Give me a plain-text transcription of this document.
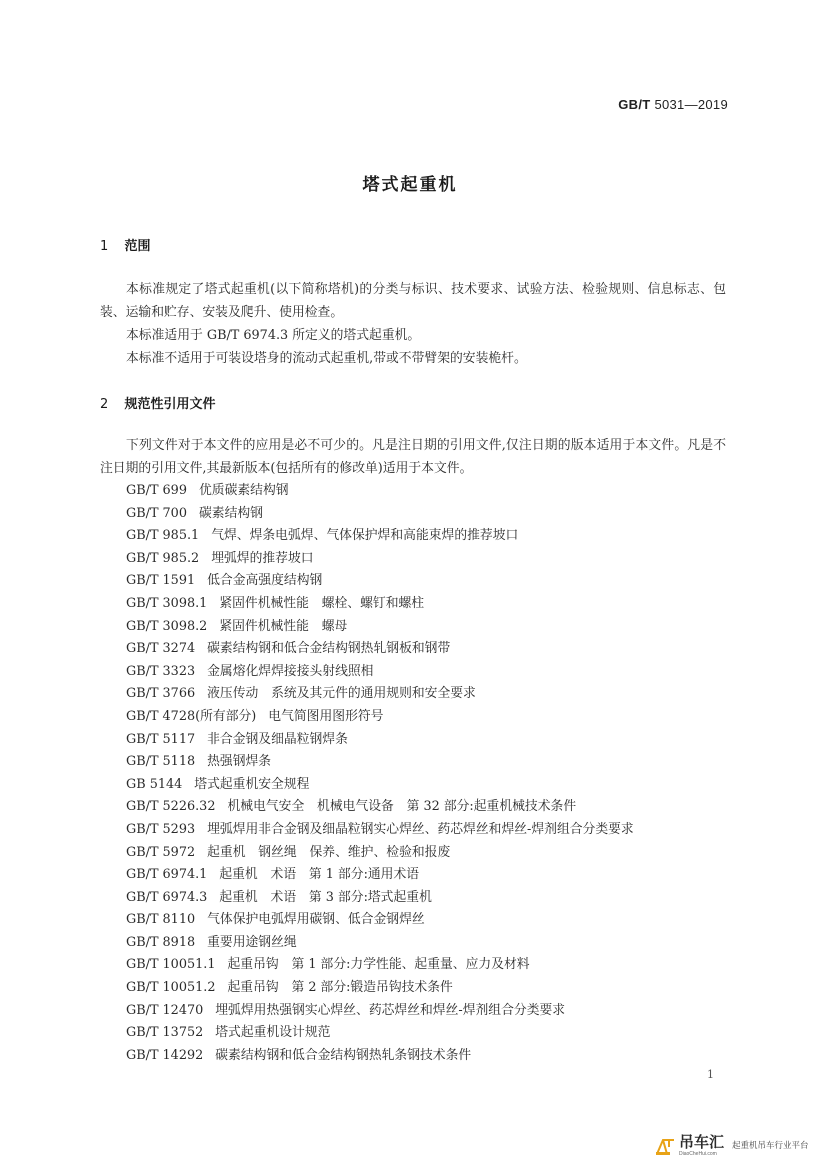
GB/T 5031—2019
塔式起重机
1 范围

本标准规定了塔式起重机(以下简称塔机)的分类与标识、技术要求、试验方法、检验规则、信息标志、包装、运输和贮存、安装及爬升、使用检查。

本标准适用于 GB/T 6974.3 所定义的塔式起重机。

本标准不适用于可装设塔身的流动式起重机,带或不带臂架的安装桅杆。

2 规范性引用文件

下列文件对于本文件的应用是必不可少的。凡是注日期的引用文件,仅注日期的版本适用于本文件。凡是不注日期的引用文件,其最新版本(包括所有的修改单)适用于本文件。

GB/T 699 优质碳素结构钢
GB/T 700 碳素结构钢
GB/T 985.1 气焊、焊条电弧焊、气体保护焊和高能束焊的推荐坡口
GB/T 985.2 埋弧焊的推荐坡口
GB/T 1591 低合金高强度结构钢
GB/T 3098.1 紧固件机械性能　螺栓、螺钉和螺柱
GB/T 3098.2 紧固件机械性能　螺母
GB/T 3274 碳素结构钢和低合金结构钢热轧钢板和钢带
GB/T 3323 金属熔化焊焊接接头射线照相
GB/T 3766 液压传动　系统及其元件的通用规则和安全要求
GB/T 4728(所有部分) 电气简图用图形符号
GB/T 5117 非合金钢及细晶粒钢焊条
GB/T 5118 热强钢焊条
GB 5144 塔式起重机安全规程
GB/T 5226.32 机械电气安全　机械电气设备　第 32 部分:起重机械技术条件
GB/T 5293 埋弧焊用非合金钢及细晶粒钢实心焊丝、药芯焊丝和焊丝-焊剂组合分类要求
GB/T 5972 起重机　钢丝绳　保养、维护、检验和报废
GB/T 6974.1 起重机　术语　第 1 部分:通用术语
GB/T 6974.3 起重机　术语　第 3 部分:塔式起重机
GB/T 8110 气体保护电弧焊用碳钢、低合金钢焊丝
GB/T 8918 重要用途钢丝绳
GB/T 10051.1 起重吊钩　第 1 部分:力学性能、起重量、应力及材料
GB/T 10051.2 起重吊钩　第 2 部分:锻造吊钩技术条件
GB/T 12470 埋弧焊用热强钢实心焊丝、药芯焊丝和焊丝-焊剂组合分类要求
GB/T 13752 塔式起重机设计规范
GB/T 14292 碳素结构钢和低合金结构钢热轧条钢技术条件
1
吊车汇
DiaoCheHui.com
起重机吊车行业平台
